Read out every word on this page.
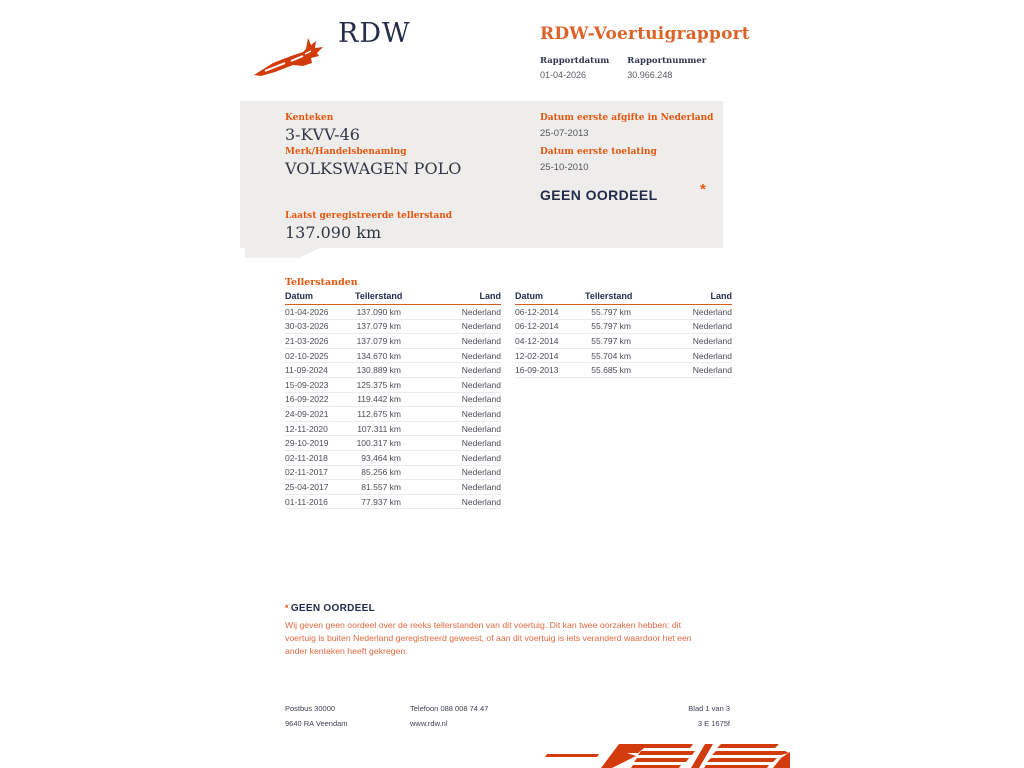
RDW	RDW-Voertuigrapport
Rapportdatum
01-04-2026
Rapportnummer
30.966.248
Kenteken
3-KVV-46
Merk/Handelsbenaming
VOLKSWAGEN POLO
Laatst geregistreerde tellerstand
137.090 km
Datum eerste afgifte in Nederland
25-07-2013
Datum eerste toelating
25-10-2010
GEEN OORDEEL	*
Tellerstanden
Datum	Tellerstand	Land
01-04-2026	137.090 km	Nederland
30-03-2026	137.079 km	Nederland
21-03-2026	137.079 km	Nederland
02-10-2025	134.670 km	Nederland
11-09-2024	130.889 km	Nederland
15-09-2023	125.375 km	Nederland
16-09-2022	119.442 km	Nederland
24-09-2021	112.675 km	Nederland
12-11-2020	107.311 km	Nederland
29-10-2019	100.317 km	Nederland
02-11-2018	93.464 km	Nederland
02-11-2017	85.256 km	Nederland
25-04-2017	81.557 km	Nederland
01-11-2016	77.937 km	Nederland
Datum	Tellerstand	Land
06-12-2014	55.797 km	Nederland
06-12-2014	55.797 km	Nederland
04-12-2014	55.797 km	Nederland
12-02-2014	55.704 km	Nederland
16-09-2013	55.685 km	Nederland
* GEEN OORDEEL
Wij geven geen oordeel over de reeks tellerstanden van dit voertuig. Dit kan twee oorzaken hebben: dit voertuig is buiten Nederland geregistreerd geweest, of aan dit voertuig is iets veranderd waardoor het een ander kenteken heeft gekregen.
Postbus 30000
9640 RA Veendam
Telefoon 088 008 74 47
www.rdw.nl
Blad 1 van 3
3 E 1675f
